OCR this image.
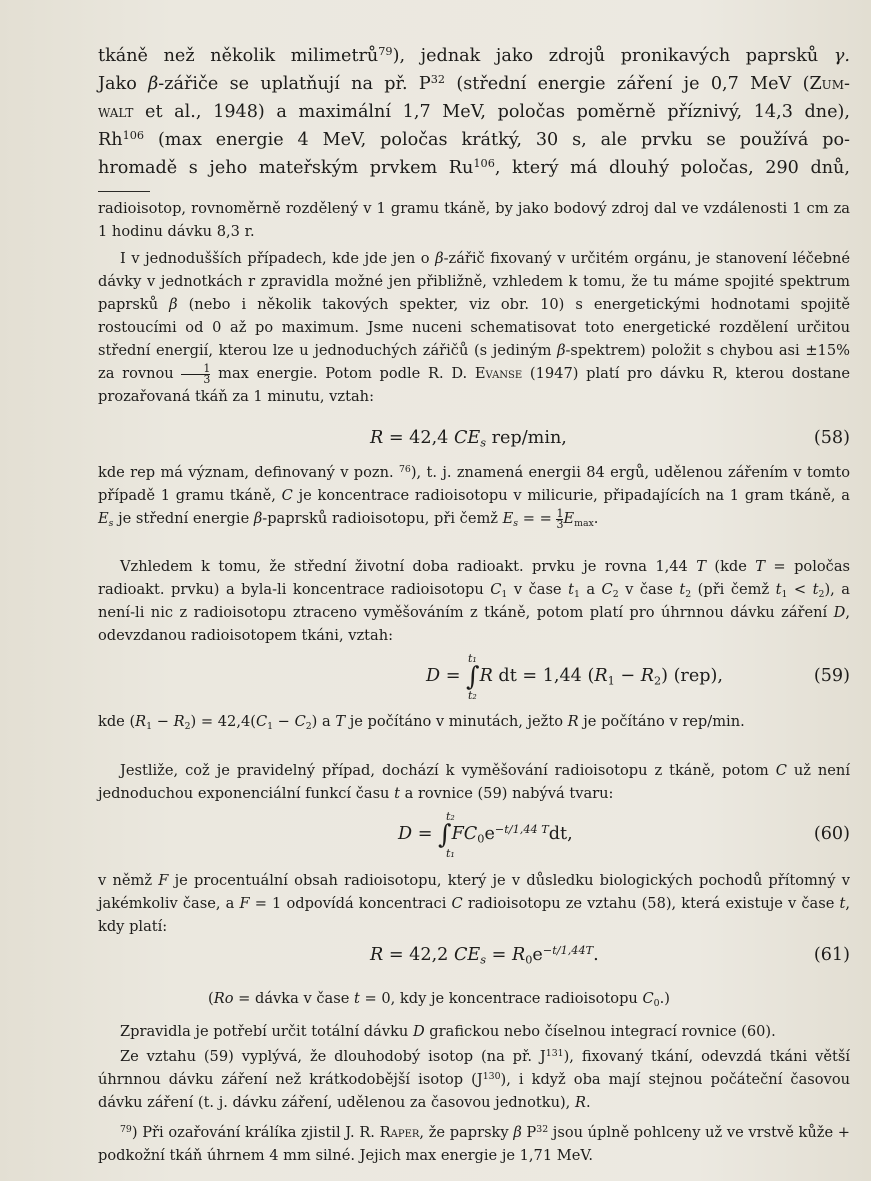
tkáně než několik milimetrů$^{79}$), jednak jako zdrojů pronikavých paprsků γ.

Jako β-zářiče se uplatňují na př. $P^{32}$ (střední energie záření je 0,7 MeV (Zum-

walt et al., 1948) a maximální 1,7 MeV, poločas poměrně příznivý, 14,3 dne),

Rh$^{106}$ (max energie 4 MeV, poločas krátký, 30 s, ale prvku se používá po-

hromadě s jeho mateřským prvkem Ru$^{106}$, který má dlouhý poločas, 290 dnů,

radioisotop, rovnoměrně rozdělený v 1 gramu tkáně, by jako bodový zdroj dal ve vzdálenosti 1 cm za 1 hodinu dávku 8,3 r.

I v jednodušších případech, kde jde jen o β-zářič fixovaný v určitém orgánu, je stanovení léčebné dávky v jednotkách r zpravidla možné jen přibližně, vzhledem k tomu, že tu máme spojité spektrum paprsků β (nebo i několik takových spekter, viz obr. 10) s energetickými hodnotami spojitě rostoucími od 0 až po maximum. Jsme nuceni schematisovat toto energetické rozdělení určitou střední energií, kterou lze u jednoduchých zářičů (s jediným β-spektrem) položit s chybou asi ±15% za rovnou $\frac{1}{3}$ max energie. Potom podle R. D. Evanse (1947) platí pro dávku R, kterou dostane prozařovaná tkáň za 1 minutu, vztah:

R = 42,4 $CE_s$ rep/min,	(58)

kde rep má význam, definovaný v pozn. $^{76}$), t. j. znamená energii 84 ergů, udělenou zářením v tomto případě 1 gramu tkáně, C je koncentrace radioisotopu v milicurie, připadajících na 1 gram tkáně, a $E_s$ je střední energie β-paprsků radioisotopu, při čemž $E_s$ = = $\frac{1}{3} E_{max}$.

Vzhledem k tomu, že střední životní doba radioakt. prvku je rovna 1,44 T (kde T = poločas radioakt. prvku) a byla-li koncentrace radioisotopu $C_1$ v čase $t_1$ a $C_2$ v čase $t_2$ (při čemž $t_1 < t_2$), a není-li nic z radioisotopu ztraceno vyměšováním z tkáně, potom platí pro úhrnnou dávku záření D, odevzdanou radioisotopem tkáni, vztah:

t₁
D = ∫R dt = 1,44 $(R_1 - R_2)$ (rep),
t₂
(59)

kde $(R_1 - R_2) = 42,4(C_1 - C_2)$ a T je počítáno v minutách, ježto R je počítáno v rep/min.

Jestliže, což je pravidelný případ, dochází k vyměšování radioisotopu z tkáně, potom C už není jednoduchou exponenciální funkcí času t a rovnice (59) nabývá tvaru:

t₂
$D = \int FC_0e^{-t/1,44 T}dt$,
t₁
(60)

v němž F je procentuální obsah radioisotopu, který je v důsledku biologických pochodů přítomný v jakémkoliv čase, a F = 1 odpovídá koncentraci C radioisotopu ze vztahu (58), která existuje v čase t, kdy platí:

R = 42,2 $CE_s = R_0e^{-t/1,44T}$.	(61)

(Ro = dávka v čase t = 0, kdy je koncentrace radioisotopu $C_0$.)

Zpravidla je potřebí určit totální dávku D grafickou nebo číselnou integrací rovnice (60).

Ze vztahu (59) vyplývá, že dlouhodobý isotop (na př. $J^{131}$), fixovaný tkání, odevzdá tkáni větší úhrnnou dávku záření než krátkodobější isotop $(J^{130})$, i když oba mají stejnou počáteční časovou dávku záření (t. j. dávku záření, udělenou za časovou jednotku), R.

$^{79}$) Při ozařování králíka zjistil J. R. Raper, že paprsky β $P^{32}$ jsou úplně pohlceny už ve vrstvě kůže + podkožní tkáň úhrnem 4 mm silné. Jejich max energie je 1,71 MeV.
